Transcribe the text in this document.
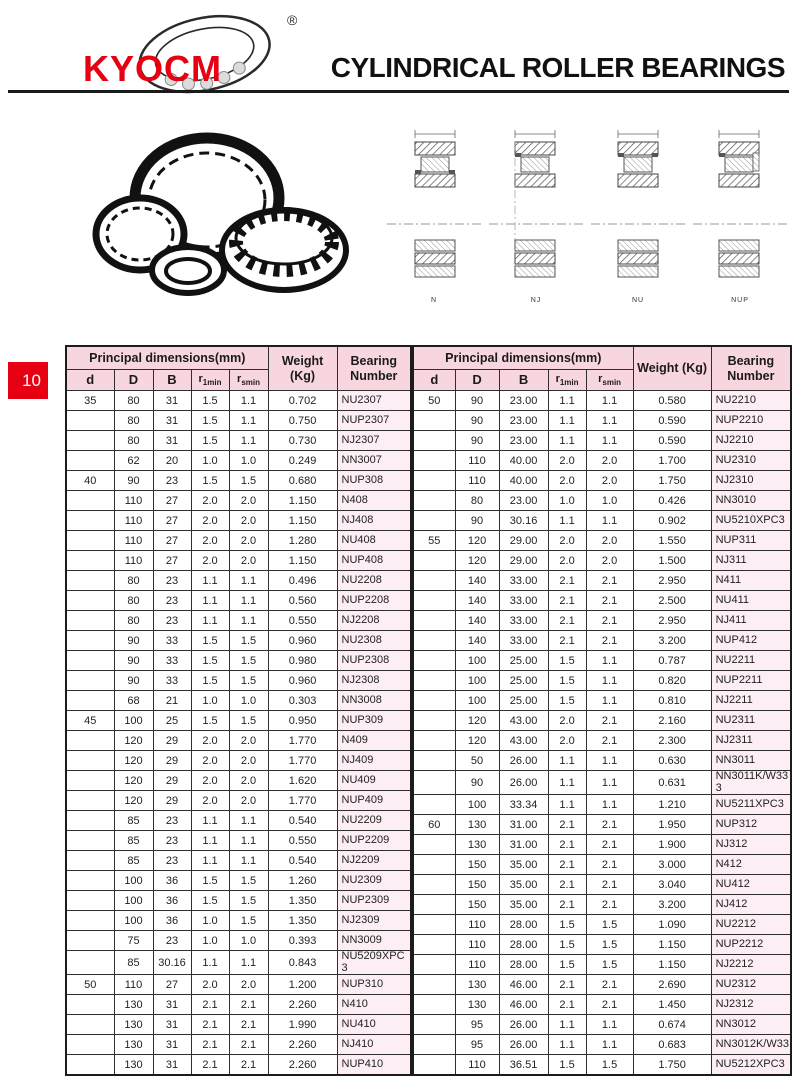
KYOCM
®
CYLINDRICAL ROLLER BEARINGS
N	NJ	NU	NUP
10
Principal dimensions(mm)					Weight (Kg)	Bearing Number
d	D	B	$r_{1min}$	$r_{smin}$
35	80	31	1.5	1.1	0.702	NU2307
	80	31	1.5	1.1	0.750	NUP2307
	80	31	1.5	1.1	0.730	NJ2307
	62	20	1.0	1.0	0.249	NN3007
40	90	23	1.5	1.5	0.680	NUP308
	110	27	2.0	2.0	1.150	N408
	110	27	2.0	2.0	1.150	NJ408
	110	27	2.0	2.0	1.280	NU408
	110	27	2.0	2.0	1.150	NUP408
	80	23	1.1	1.1	0.496	NU2208
	80	23	1.1	1.1	0.560	NUP2208
	80	23	1.1	1.1	0.550	NJ2208
	90	33	1.5	1.5	0.960	NU2308
	90	33	1.5	1.5	0.980	NUP2308
	90	33	1.5	1.5	0.960	NJ2308
	68	21	1.0	1.0	0.303	NN3008
45	100	25	1.5	1.5	0.950	NUP309
	120	29	2.0	2.0	1.770	N409
	120	29	2.0	2.0	1.770	NJ409
	120	29	2.0	2.0	1.620	NU409
	120	29	2.0	2.0	1.770	NUP409
	85	23	1.1	1.1	0.540	NU2209
	85	23	1.1	1.1	0.550	NUP2209
	85	23	1.1	1.1	0.540	NJ2209
	100	36	1.5	1.5	1.260	NU2309
	100	36	1.5	1.5	1.350	NUP2309
	100	36	1.0	1.5	1.350	NJ2309
	75	23	1.0	1.0	0.393	NN3009
	85	30.16	1.1	1.1	0.843	NU5209XPC3
50	110	27	2.0	2.0	1.200	NUP310
	130	31	2.1	2.1	2.260	N410
	130	31	2.1	2.1	1.990	NU410
	130	31	2.1	2.1	2.260	NJ410
	130	31	2.1	2.1	2.260	NUP410
Principal dimensions(mm)					Weight (Kg)	Bearing Number
d	D	B	$r_{1min}$	$r_{smin}$
50	90	23.00	1.1	1.1	0.580	NU2210
	90	23.00	1.1	1.1	0.590	NUP2210
	90	23.00	1.1	1.1	0.590	NJ2210
	110	40.00	2.0	2.0	1.700	NU2310
	110	40.00	2.0	2.0	1.750	NJ2310
	80	23.00	1.0	1.0	0.426	NN3010
	90	30.16	1.1	1.1	0.902	NU5210XPC3
55	120	29.00	2.0	2.0	1.550	NUP311
	120	29.00	2.0	2.0	1.500	NJ311
	140	33.00	2.1	2.1	2.950	N411
	140	33.00	2.1	2.1	2.500	NU411
	140	33.00	2.1	2.1	2.950	NJ411
	140	33.00	2.1	2.1	3.200	NUP412
	100	25.00	1.5	1.1	0.787	NU2211
	100	25.00	1.5	1.1	0.820	NUP2211
	100	25.00	1.5	1.1	0.810	NJ2211
	120	43.00	2.0	2.1	2.160	NU2311
	120	43.00	2.0	2.1	2.300	NJ2311
	50	26.00	1.1	1.1	0.630	NN3011
	90	26.00	1.1	1.1	0.631	NN3011K/W333
	100	33.34	1.1	1.1	1.210	NU5211XPC3
60	130	31.00	2.1	2.1	1.950	NUP312
	130	31.00	2.1	2.1	1.900	NJ312
	150	35.00	2.1	2.1	3.000	N412
	150	35.00	2.1	2.1	3.040	NU412
	150	35.00	2.1	2.1	3.200	NJ412
	110	28.00	1.5	1.5	1.090	NU2212
	110	28.00	1.5	1.5	1.150	NUP2212
	110	28.00	1.5	1.5	1.150	NJ2212
	130	46.00	2.1	2.1	2.690	NU2312
	130	46.00	2.1	2.1	1.450	NJ2312
	95	26.00	1.1	1.1	0.674	NN3012
	95	26.00	1.1	1.1	0.683	NN3012K/W33
	110	36.51	1.5	1.5	1.750	NU5212XPC3
